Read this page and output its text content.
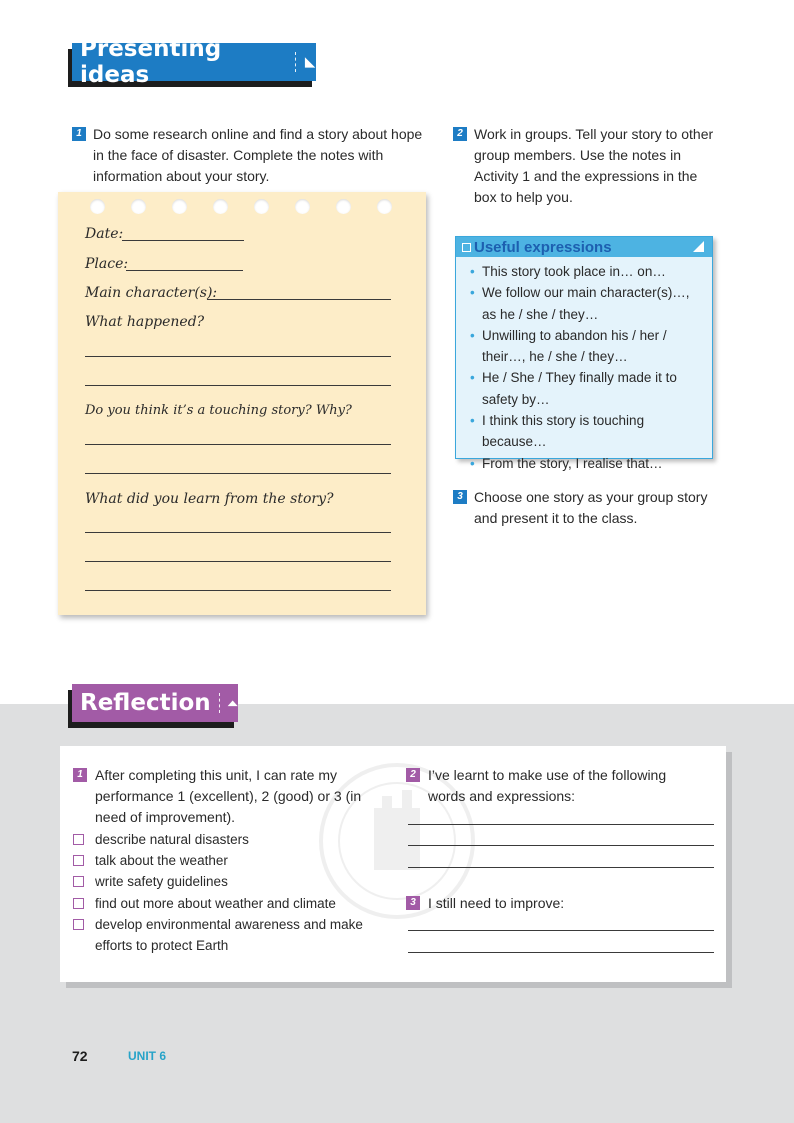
Presenting ideas
1 Do some research online and find a story about hope in the face of disaster. Complete the notes with information about your story.
Date:
Place:
Main character(s):
What happened?
Do you think it’s a touching story? Why?
What did you learn from the story?
2 Work in groups. Tell your story to other group members. Use the notes in Activity 1 and the expressions in the box to help you.
Useful expressions
• This story took place in… on…
• We follow our main character(s)…, as he / she / they…
• Unwilling to abandon his / her / their…, he / she / they…
• He / She / They finally made it to safety by…
• I think this story is touching because…
• From the story, I realise that…
3 Choose one story as your group story and present it to the class.
Reflection
1 After completing this unit, I can rate my performance 1 (excellent), 2 (good) or 3 (in need of improvement).
describe natural disasters
talk about the weather
write safety guidelines
find out more about weather and climate
develop environmental awareness and make efforts to protect Earth
2 I’ve learnt to make use of the following words and expressions:
3 I still need to improve:
72	UNIT 6
